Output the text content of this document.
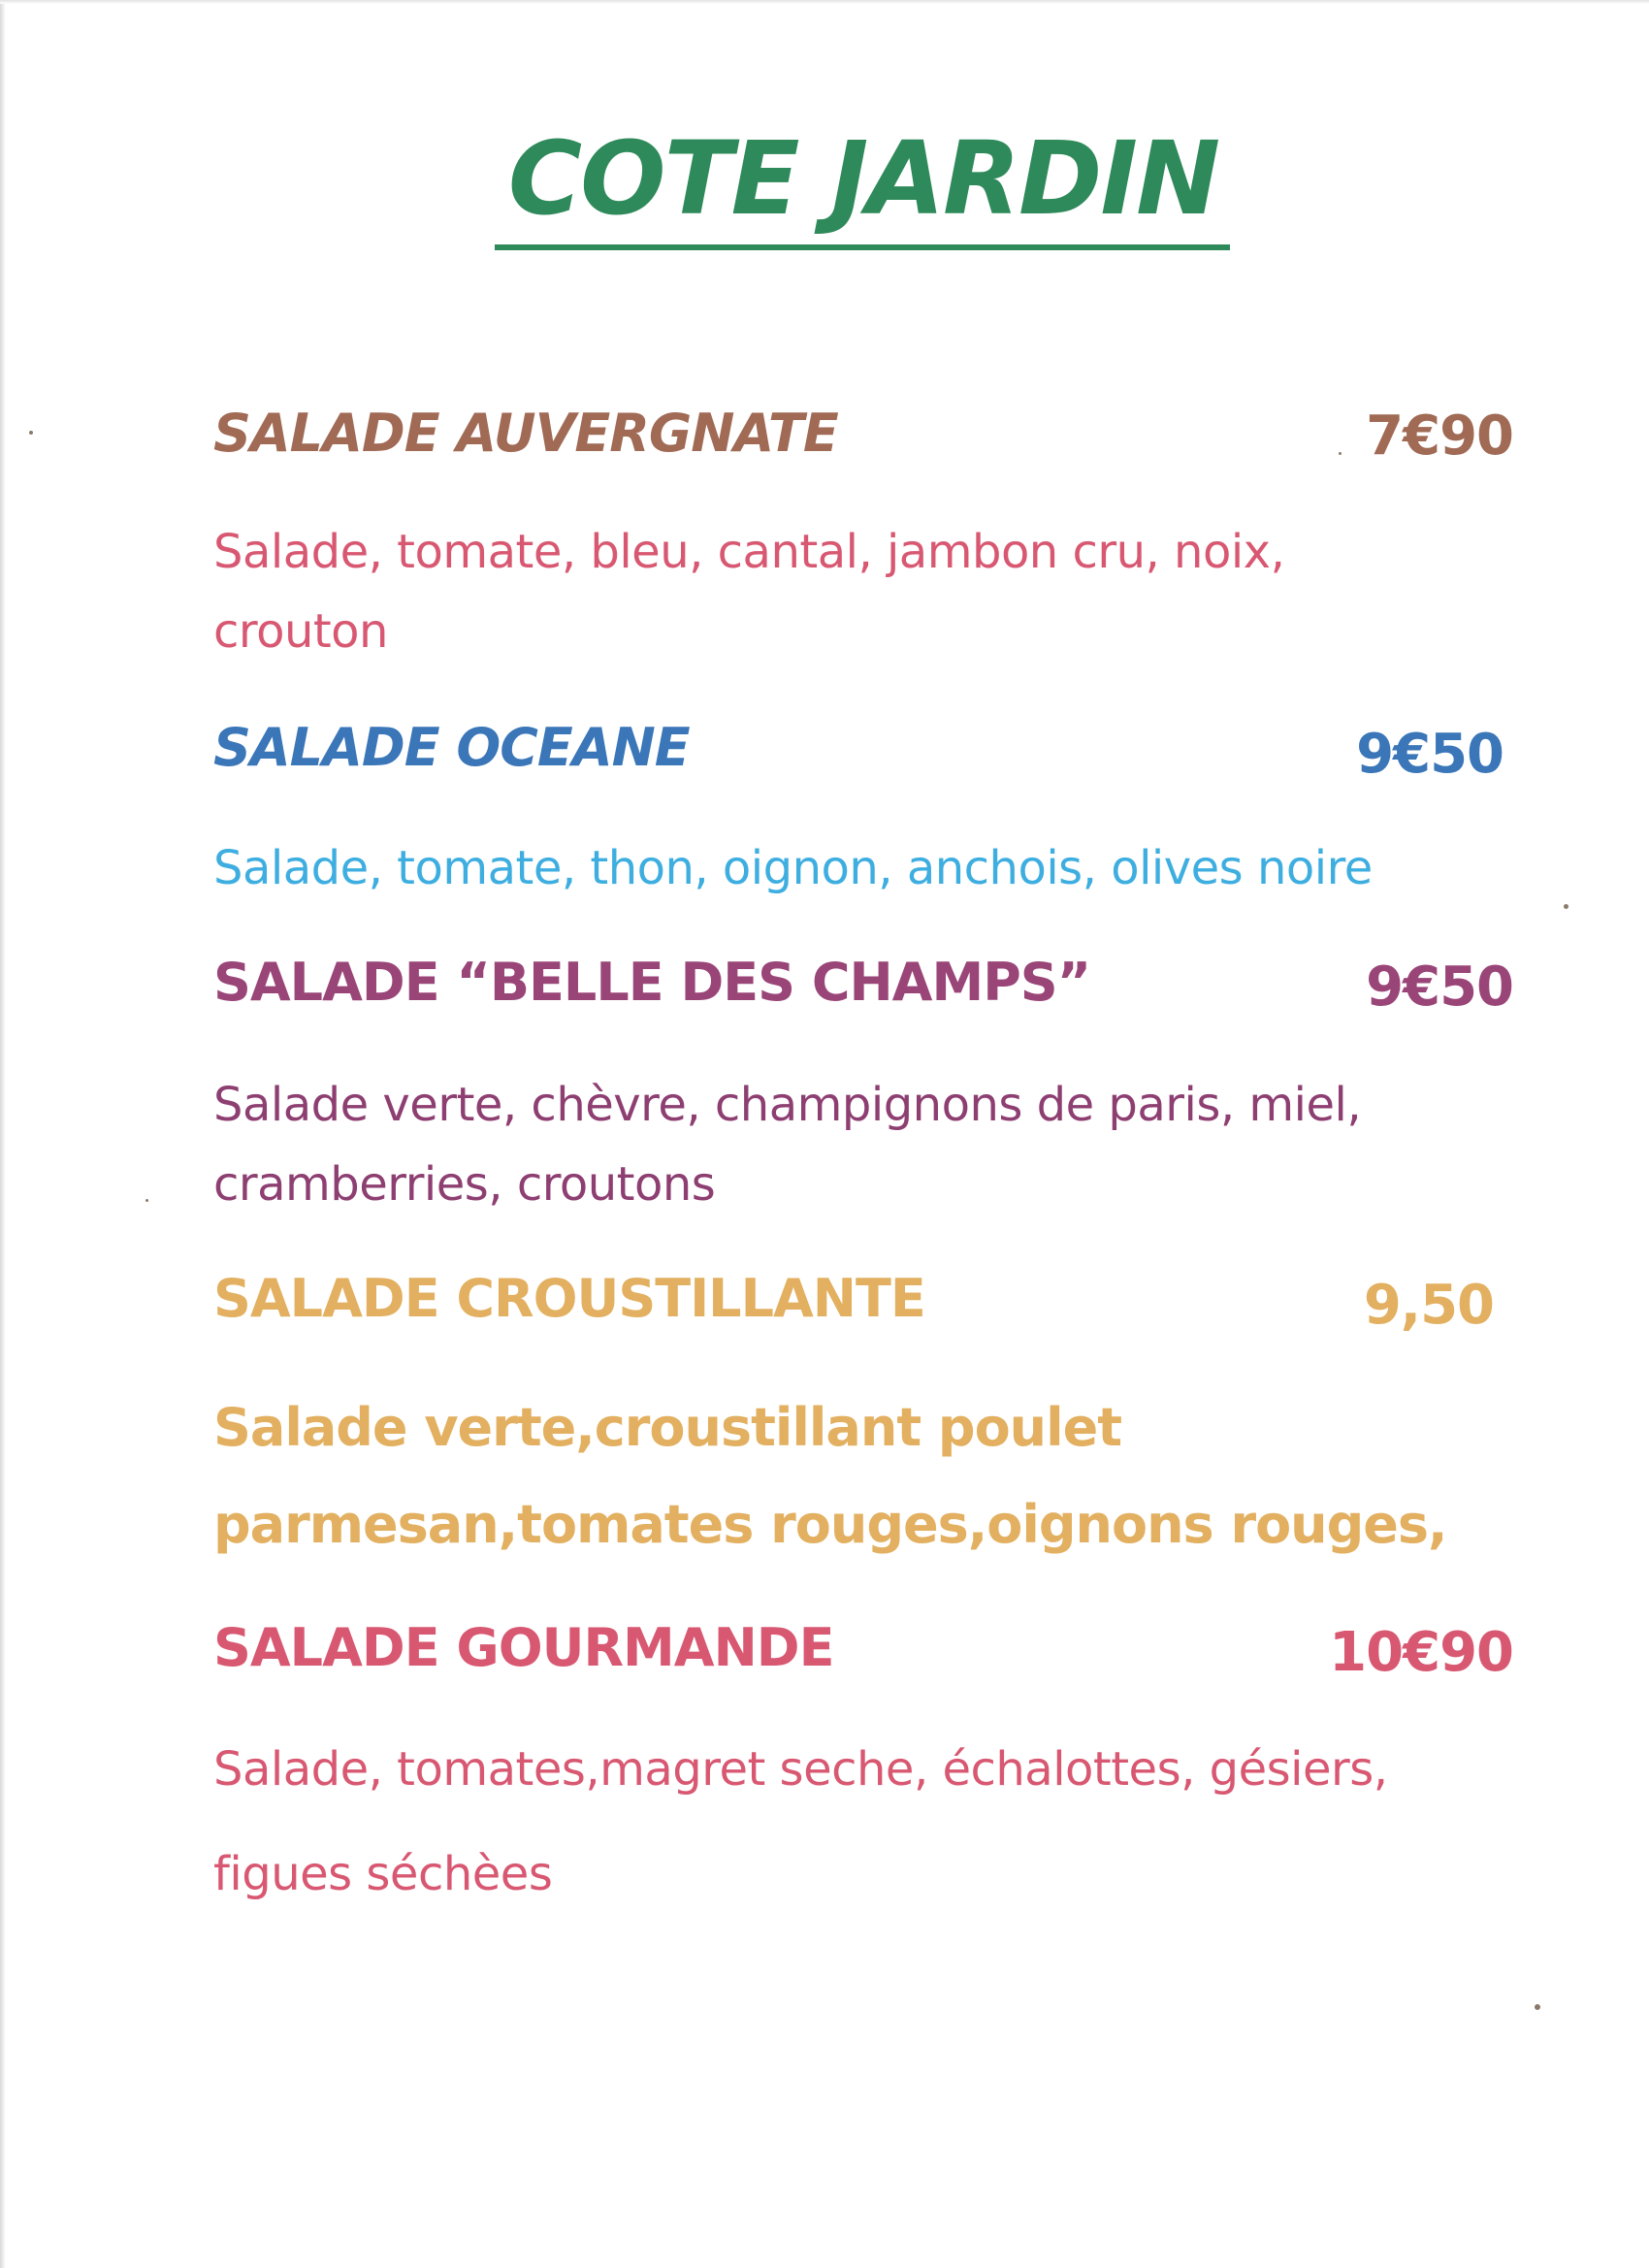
COTE JARDIN
SALADE AUVERGNATE	7€90

Salade, tomate, bleu, cantal, jambon cru, noix, crouton

SALADE OCEANE	9€50

Salade, tomate, thon, oignon, anchois, olives noire

SALADE “BELLE DES CHAMPS”	9€50

Salade verte, chèvre, champignons de paris, miel, cramberries, croutons

SALADE CROUSTILLANTE	9,50

Salade verte,croustillant poulet parmesan,tomates rouges,oignons rouges,

SALADE GOURMANDE	10€90

Salade, tomates,magret seche, échalottes, gésiers, figues séchèes
